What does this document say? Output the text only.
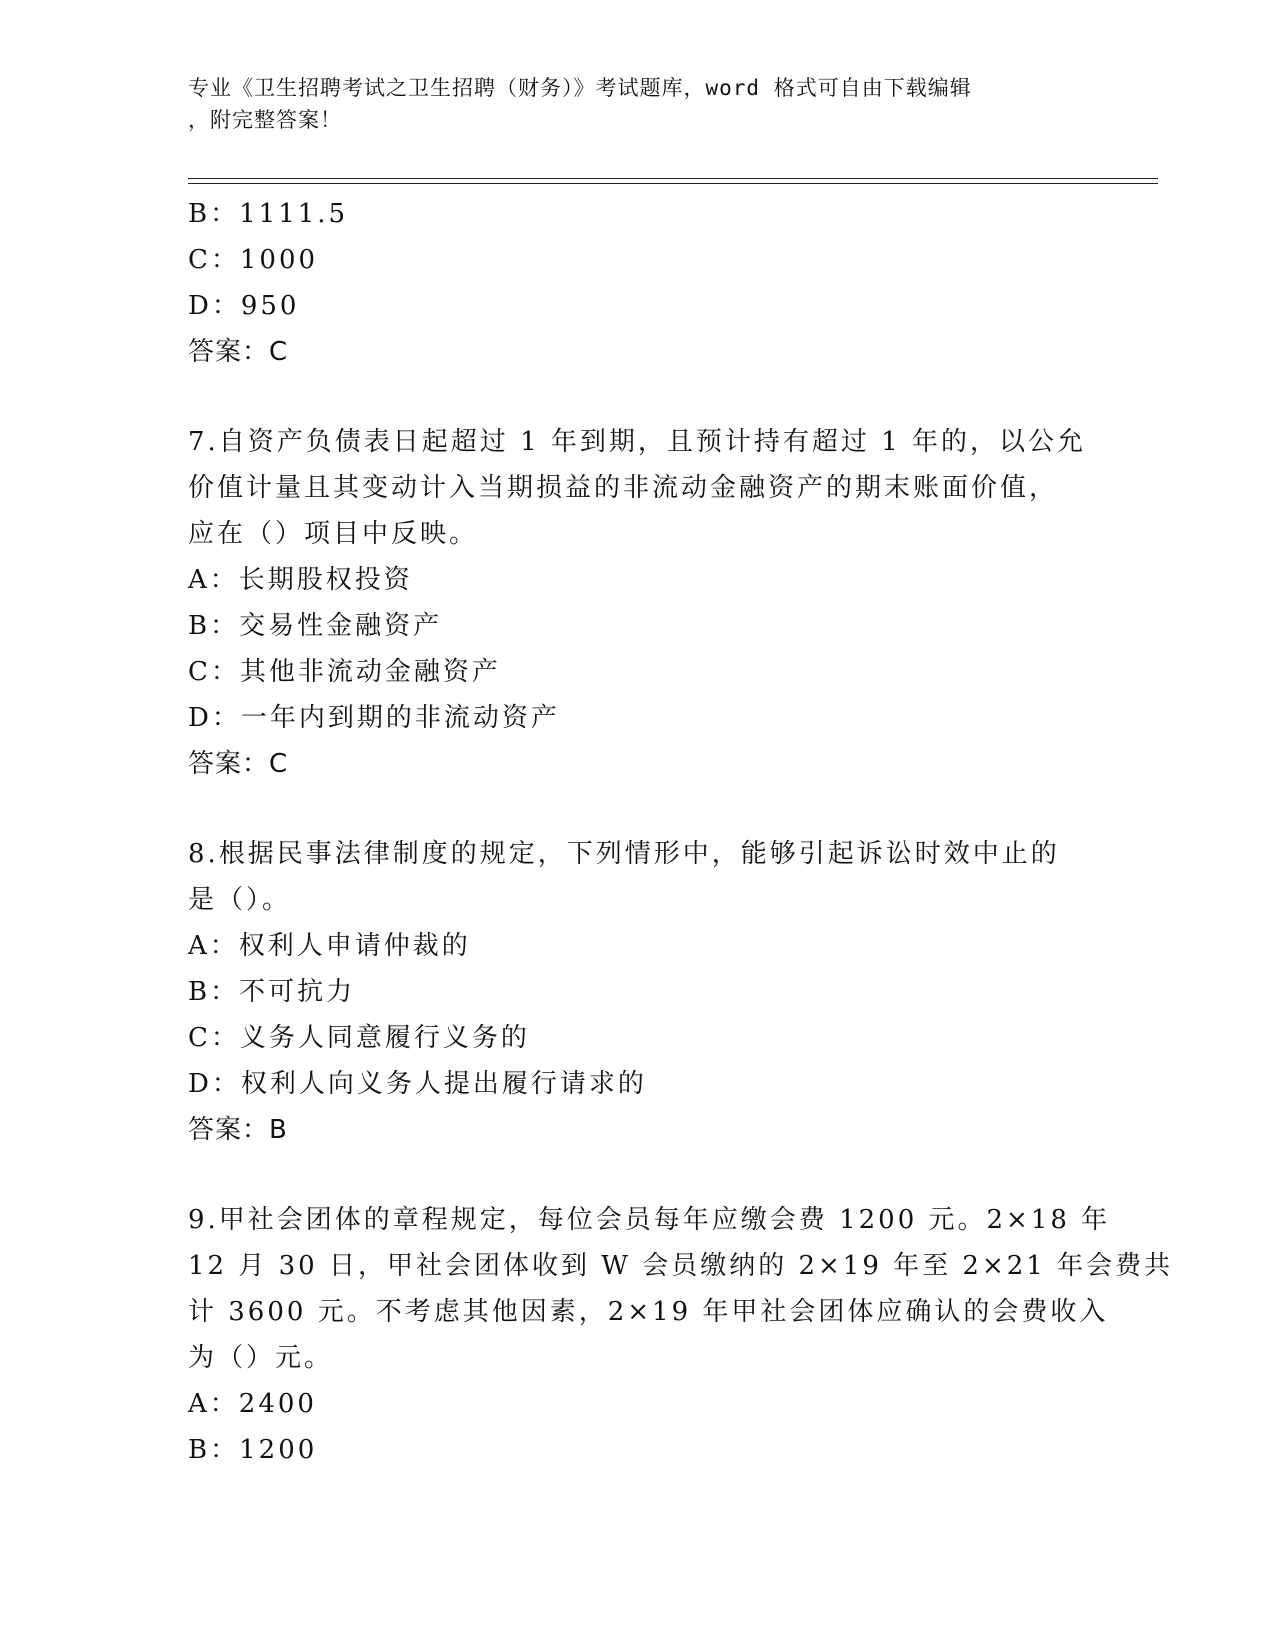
专业《卫生招聘考试之卫生招聘（财务）》考试题库，word 格式可自由下载编辑
，附完整答案！
B：1111.5
C：1000
D：950
答案：C
7.自资产负债表日起超过 1 年到期，且预计持有超过 1 年的，以公允
价值计量且其变动计入当期损益的非流动金融资产的期末账面价值，
应在（）项目中反映。
A：长期股权投资
B：交易性金融资产
C：其他非流动金融资产
D：一年内到期的非流动资产
答案：C
8.根据民事法律制度的规定，下列情形中，能够引起诉讼时效中止的
是（）。
A：权利人申请仲裁的
B：不可抗力
C：义务人同意履行义务的
D：权利人向义务人提出履行请求的
答案：B
9.甲社会团体的章程规定，每位会员每年应缴会费 1200 元。2×18 年
12 月 30 日，甲社会团体收到 W 会员缴纳的 2×19 年至 2×21 年会费共
计 3600 元。不考虑其他因素，2×19 年甲社会团体应确认的会费收入
为（）元。
A：2400
B：1200
